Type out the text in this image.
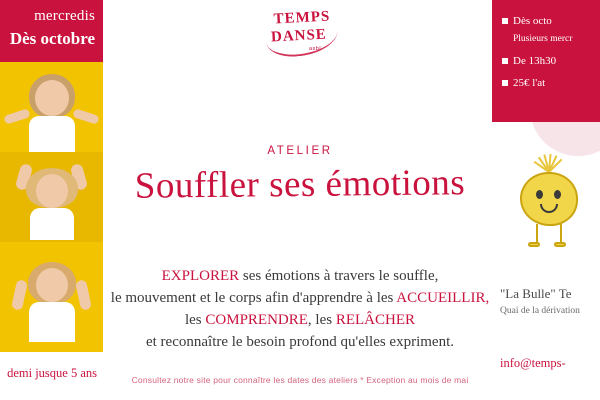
mercredis
Dès octobre
demi jusque 5 ans
TEMPS
DANSE
asbl
ATELIER
Souffler ses émotions
EXPLORER ses émotions à travers le souffle,
le mouvement et le corps afin d'apprendre à les ACCUEILLIR,
les COMPRENDRE, les RELÂCHER
et reconnaître le besoin profond qu'elles expriment.
Consultez notre site pour connaître les dates des ateliers * Exception au mois de mai
Dès octo
Plusieurs mercr
De 13h30
25€ l'at
"La Bulle" Te
Quai de la dérivation
info@temps-
